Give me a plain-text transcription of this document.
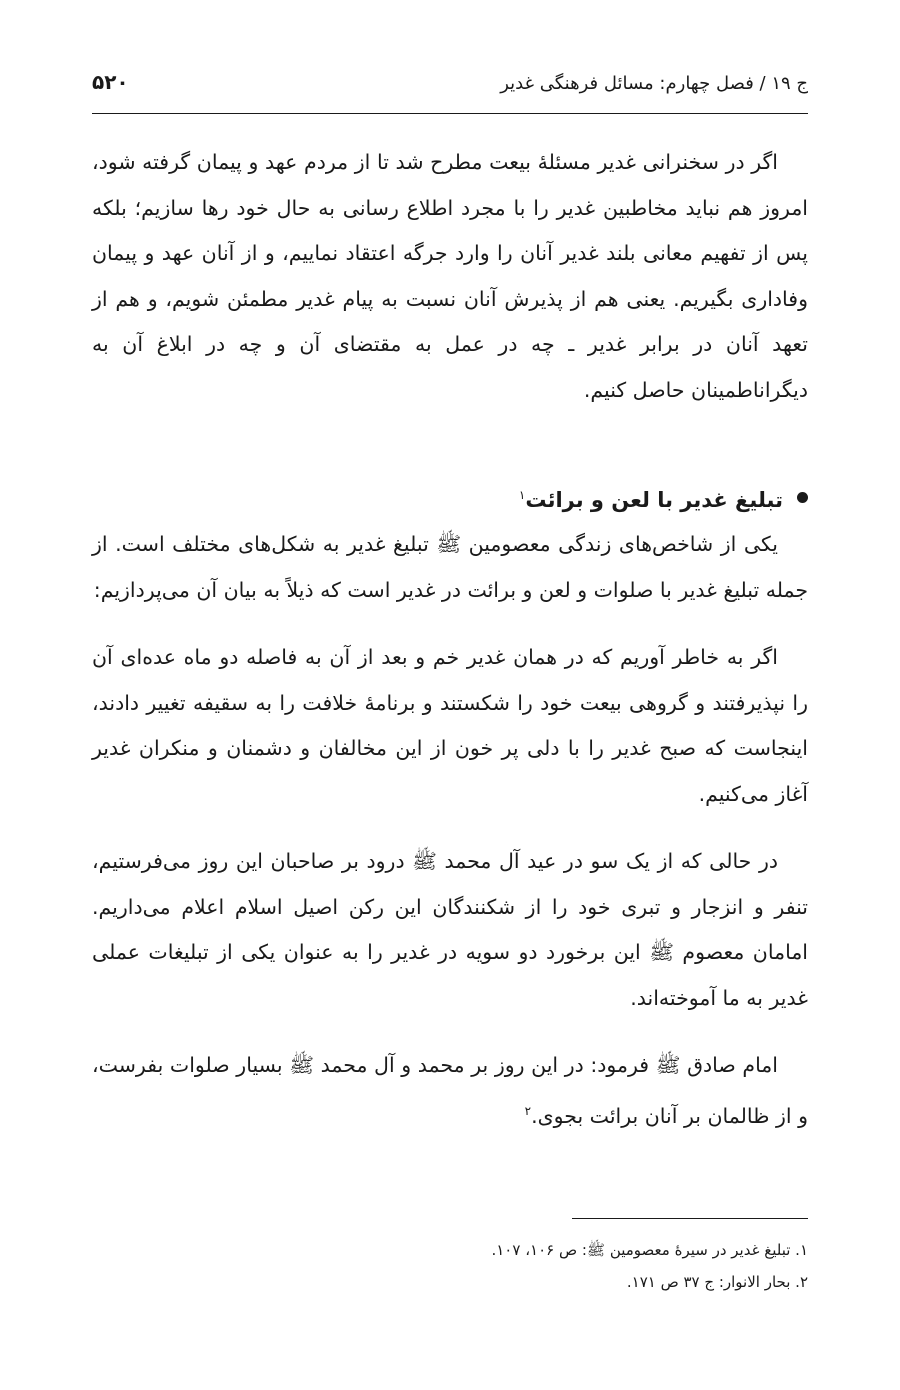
ج ۱۹ / فصل چهارم: مسائل فرهنگی غدیر
۵۲۰

اگر در سخنرانی غدیر مسئلهٔ بیعت مطرح شد تا از مردم عهد و پیمان گرفته شود، امروز هم نباید مخاطبین غدیر را با مجرد اطلاع رسانی به حال خود رها سازیم؛ بلکه پس از تفهیم معانی بلند غدیر آنان را وارد جرگه اعتقاد نماییم، و از آنان عهد و پیمان وفاداری بگیریم. یعنی هم از پذیرش آنان نسبت به پیام غدیر مطمئن شویم، و هم از تعهد آنان در برابر غدیر ـ چه در عمل به مقتضای آن و چه در ابلاغ آن به دیگراناطمینان حاصل کنیم.

تبلیغ غدیر با لعن و برائت$^۱$

یکی از شاخص‌های زندگی معصومین ﷺ تبلیغ غدیر به شکل‌های مختلف است. از جمله تبلیغ غدیر با صلوات و لعن و برائت در غدیر است که ذیلاً به بیان آن می‌پردازیم:

اگر به خاطر آوریم که در همان غدیر خم و بعد از آن به فاصله دو ماه عده‌ای آن را نپذیرفتند و گروهی بیعت خود را شکستند و برنامهٔ خلافت را به سقیفه تغییر دادند، اینجاست که صبح غدیر را با دلی پر خون از این مخالفان و دشمنان و منکران غدیر آغاز می‌کنیم.

در حالی که از یک سو در عید آل محمد ﷺ درود بر صاحبان این روز می‌فرستیم، تنفر و انزجار و تبری خود را از شکنندگان این رکن اصیل اسلام اعلام می‌داریم. امامان معصوم ﷺ این برخورد دو سویه در غدیر را به عنوان یکی از تبلیغات عملی غدیر به ما آموخته‌اند.

امام صادق ﷺ فرمود: در این روز بر محمد و آل محمد ﷺ بسیار صلوات بفرست، و از ظالمان بر آنان برائت بجوی.$^۲$

۱. تبلیغ غدیر در سیرهٔ معصومین ﷺ: ص ۱۰۶، ۱۰۷.

۲. بحار الانوار: ج ۳۷ ص ۱۷۱.
